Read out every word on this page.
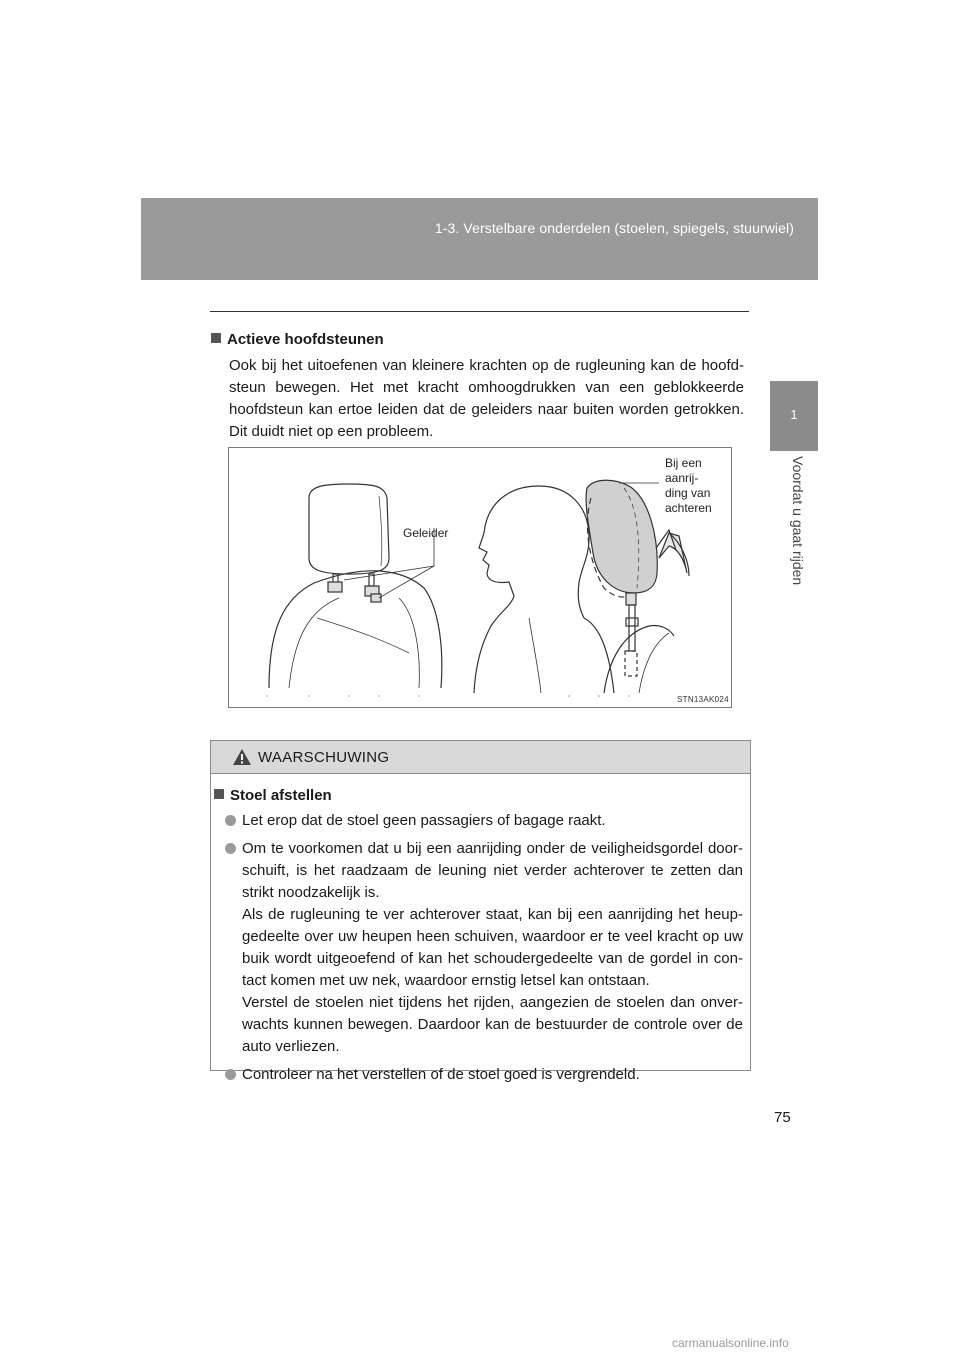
1-3. Verstelbare onderdelen (stoelen, spiegels, stuurwiel)
1
Voordat u gaat rijden
Actieve hoofdsteunen
Ook bij het uitoefenen van kleinere krachten op de rugleuning kan de hoofdsteun bewegen. Het met kracht omhoogdrukken van een geblokkeerde hoofdsteun kan ertoe leiden dat de geleiders naar buiten worden getrokken. Dit duidt niet op een probleem.
Geleider
Bij een
aanrij-
ding van
achteren
STN13AK024
WAARSCHUWING
Stoel afstellen

Let erop dat de stoel geen passagiers of bagage raakt.

Om te voorkomen dat u bij een aanrijding onder de veiligheidsgordel doorschuift, is het raadzaam de leuning niet verder achterover te zetten dan strikt noodzakelijk is.

Als de rugleuning te ver achterover staat, kan bij een aanrijding het heupgedeelte over uw heupen heen schuiven, waardoor er te veel kracht op uw buik wordt uitgeoefend of kan het schoudergedeelte van de gordel in contact komen met uw nek, waardoor ernstig letsel kan ontstaan.

Verstel de stoelen niet tijdens het rijden, aangezien de stoelen dan onverwachts kunnen bewegen. Daardoor kan de bestuurder de controle over de auto verliezen.

Controleer na het verstellen of de stoel goed is vergrendeld.

75
carmanualsonline.info
